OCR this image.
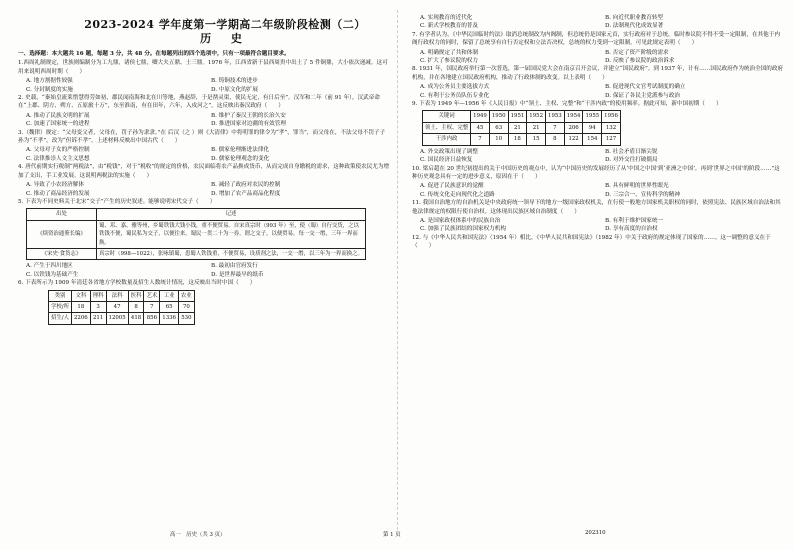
2023-2024 学年度第一学期高二年级阶段检测（二）
历 史
一、选择题：本大题共 16 题，每题 3 分，共 48 分。在每题列出的四个选项中，只有一项最符合题目要求。
1.西周礼制规定，世族则编制分为工九鼎，诸侯七鼎，卿大夫五鼎、士三鼎。1976 年，江西省新干县西周贵中出土了 5 件铜鼎，大小依次递减。这可用来说明西周时期（　　）
A. 地方割据性较强	B. 铸铜技术的进步
C. 分封制度的实施	D. 中原文化的扩展
2. 史载，“秦始皇流莱惜慧得劳如初，郡民闻南海和北在川等地，燕赵辞，于是凿灵渠，使民无定，有日后至”。汉军和二年（前 91 年），汉武帝命在“上郡、阴方、朔方、五原旅十万”，东至淮南，有在田年，六年，入戍河之”，这反映出秦汉政府（　　）
A. 推动了民族文明的扩展	B. 维护了秦汉王朝的长治久安
C. 加速了国家统一的进程	D. 推进国家对边疆的有效管理
3.（魏律）规定：“父母变父者，父母在，罚子孙为隶隶。”在 后汉（之 ）则《大清律》中将明罪的律令为“孝”，罪当”，而父母在，不法父母不罚子子孙为“不孝”，改为“但诉不孝”。上述材料反映出中国古代（　　）
A. 父母对子女的严格控制	B. 儒家伦理渐进法律化
C. 法律推崇人文主义思想	D. 儒家伦理观念的变化
4. 唐代前期实行税制“两税法”，由“税钱”，对于“税收”的规定的价格，农民面临将农产品换成货币，从而完成自身缴税的需求，这种政策使农民尤为增加了支出，手工业发展。这说明两税法的实施（　　）
A. 导致了小农经济解体	B. 减轻了政府对农民的控制
C. 推动了商品经济的发展	D. 增加了农产品商品化程度
5. 下表为不同史料关于北宋“交子”产生的历史叙述。能够说明宋代交子（　　）
出处	记述
《续资治通鉴长编》	蜀、邛、嘉、雅等州，乡蜀铁钱大钱小钱，重不便贸易。自宋真宗时（993 年）至，使（蜀）自行交货，之以铁钱不便，蜀民私为交子，以便往来。蜀民一贯二十为一券，谓之交子，以便贸易，每一交一缗，三年一界而换。
《宋史·食货志》	真宗时（998—1022），张咏镇蜀，患蜀人铁钱重，不便贸易，设质剂之法，一交一缗，以三年为一界而换之。
A. 产生于四川地区	B. 最初由官府发行
C. 以铁钱为基础产生	D. 是世界最早的纸币
6. 下表所示为 1909 年清廷各省地方学校数量及招生人数统计情况，这反映出当时中国（　　）
类别	文科	理科	法科	医科	艺术	工业	农业
学校/所	18	3	47	8	7	65	70
招生/人	2206	211	12005	418	856	1336	530
A. 实现教育的近代化	B. 向近代职业教育转型
C. 新式学校教育的普及	D. 法制现代化成效显著
7. 有学者认为，《中华民国临时约法》取消总统制改为内阁制，但总统仍是国家元首，实行政府对于总统，临时参议院不得不受一定限制，在其他于内阁行政权力的同时，保留了总统享有自行否定权和立法否决权，总统的权力受到一定限制，可见此规定表明（　　）
A. 明确规定了共和体制	B. 否定了资产阶级的需求
C. 扩大了参议院的权力	D. 反映了参议院的政治诉求
8. 1931 年，国民政府举行第一次普选，第一届国民党大会在南京召开会议，并建立“国民政府”。到 1937 年，计有……国民政府作为统治全国的政府机构，并在各地建立国民政府机构，推动了行政体制的改变。以上表明（　　）
A. 成为公务员主要选拔方式	B. 促进现代文官考试制度的确立
C. 有利于公务员队伍专业化	D. 保证了各民主党派参与政治
9. 下表为 1949 年—1956 年《人民日报》中“领土、主权、完整”和“干涉内政”的使用频率。据此可知，新中国初期（　　）
关键词	1949	1950	1951	1952	1953	1954	1955	1956
领土、主权、完整	45	63	21	21	7	206	94	132
干涉内政	7	10	18	15	8	122	154	127
A. 外交政策出现了调整	B. 社会矛盾日渐尖锐
C. 国民经济日益恢复	D. 对外交往打破僵局
10. 梁启超在 20 世纪初提出的关于中国历史的观点中，认为“中国历史的发展经历了从‘中国之中国’到‘亚洲之中国’，再到‘世界之中国’的阶段……”这种历史观念具有一定的进步意义，原因在于（　　）
A. 促进了民族意识的觉醒	B. 具有鲜明的世界性眼光
C. 传统文化走向现代化之道路	D. 三宗合一，宣传科学的精神
11. 我国自治地方的自治机关是中央政府统一领导下的地方一级国家政权机关，在行使一般地方国家机关职权的同时，依照宪法、民族区域自治法和其他法律规定的权限行使自治权。这体现出民族区域自治制度（　　）
A. 是国家政权体系中的民族自治	B. 有利于维护国家统一
C. 加强了民族团结的国家权力机构	D. 享有高度的自治权
12. 与《中华人民共和国宪法》（1954 年）相比，《中华人民共和国宪法》（1982 年）中关于政府的规定体现了国家的……。这一调整的意义在于（　　）
高一　历史（共 3 页）	第 1 页	202310
